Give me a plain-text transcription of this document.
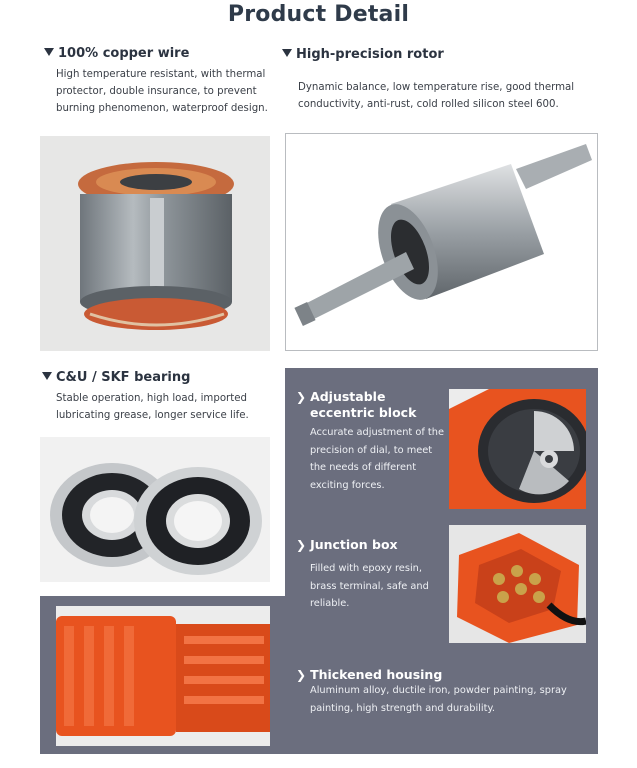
Product Detail
100% copper wire
High temperature resistant, with thermal protector, double insurance, to prevent burning phenomenon, waterproof design.
High-precision rotor
Dynamic balance, low temperature rise, good thermal conductivity, anti-rust, cold rolled silicon steel 600.
C&U / SKF bearing
Stable operation, high load, imported lubricating grease, longer service life.
❯ Adjustable
eccentric block
Accurate adjustment of the precision of dial, to meet the needs of different exciting forces.
❯ Junction box
Filled with epoxy resin, brass terminal, safe and reliable.
❯ Thickened housing
Aluminum alloy, ductile iron, powder painting, spray painting, high strength and durability.
